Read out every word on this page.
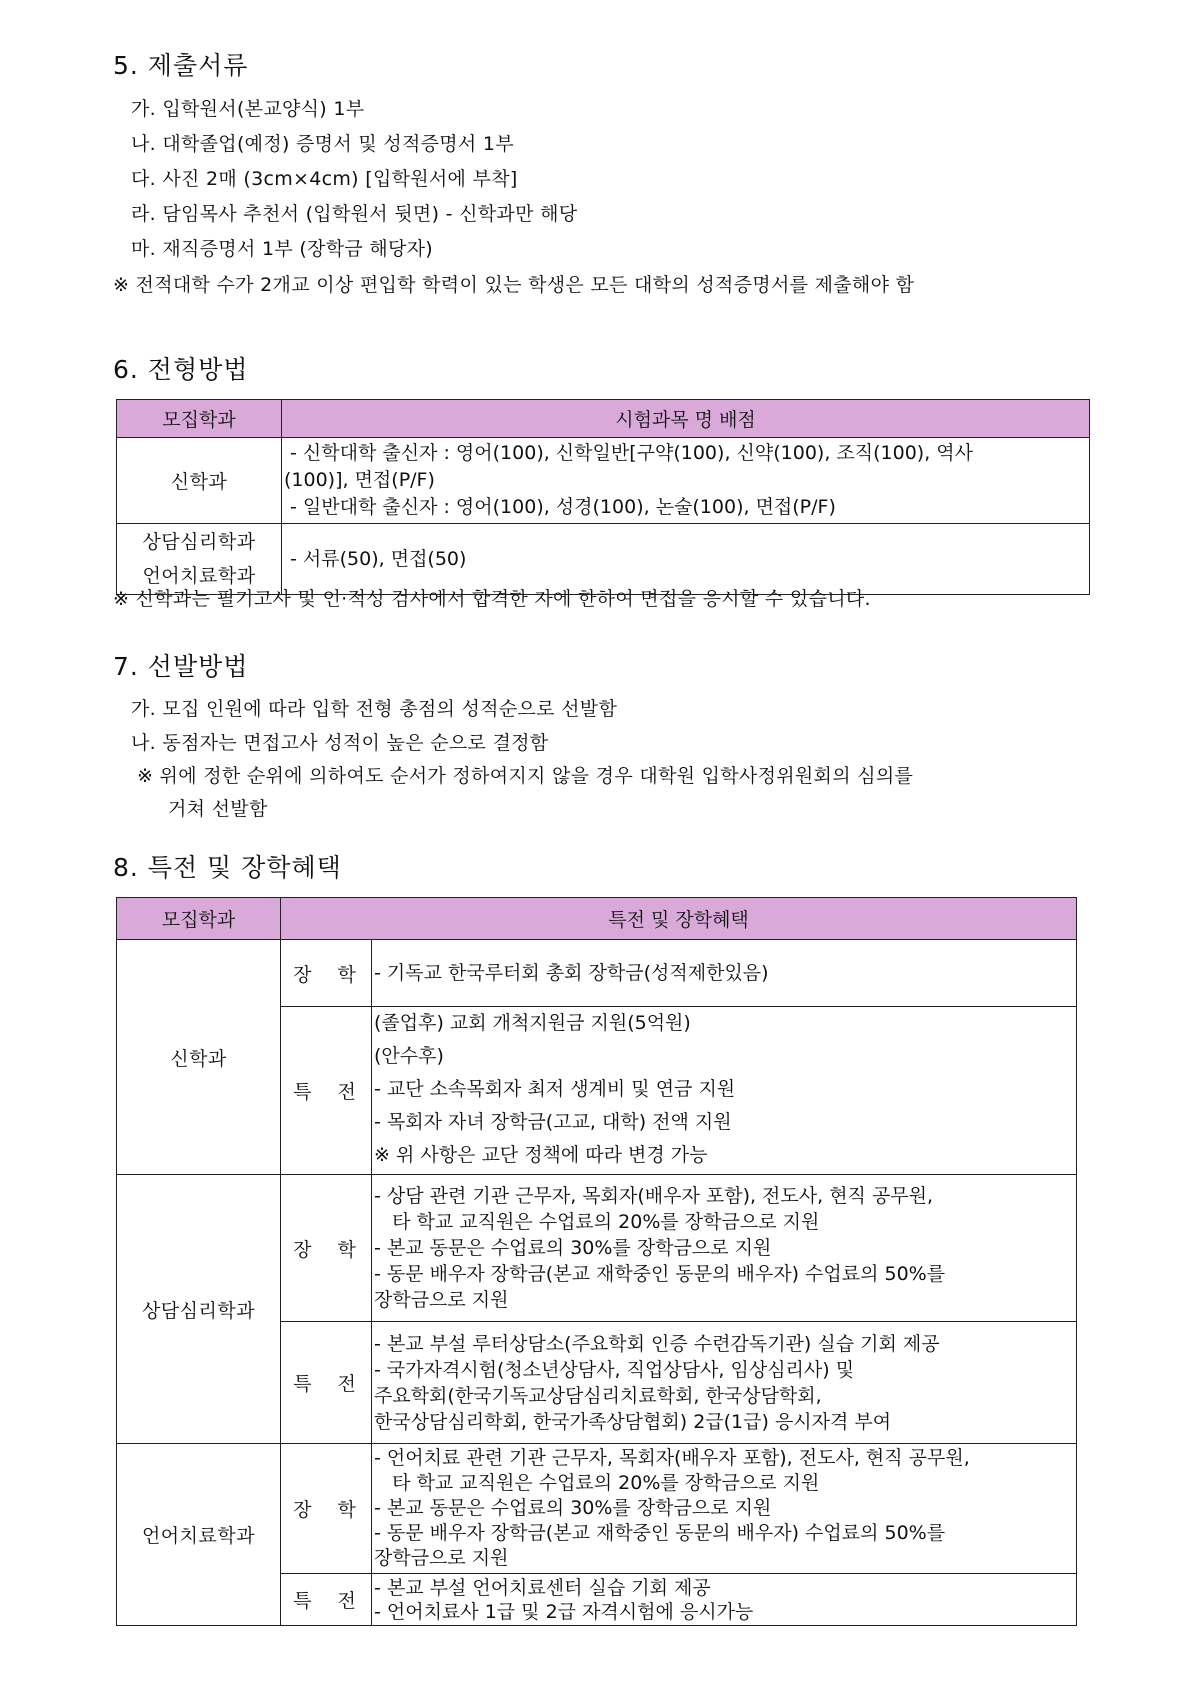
5. 제출서류

가. 입학원서(본교양식) 1부

나. 대학졸업(예정) 증명서 및 성적증명서 1부

다. 사진 2매 (3cm×4cm) [입학원서에 부착]

라. 담임목사 추천서 (입학원서 뒷면) - 신학과만 해당

마. 재직증명서 1부 (장학금 해당자)

※ 전적대학 수가 2개교 이상 편입학 학력이 있는 학생은 모든 대학의 성적증명서를 제출해야 함

6. 전형방법
모집학과	시험과목 명 배점
신학과	- 신학대학 출신자 : 영어(100), 신학일반[구약(100), 신약(100), 조직(100), 역사
(100)], 면접(P/F)
- 일반대학 출신자 : 영어(100), 성경(100), 논술(100), 면접(P/F)

상담심리학과
언어치료학과	- 서류(50), 면접(50)

※ 신학과는 필기고사 및 인·적성 검사에서 합격한 자에 한하여 면접을 응시할 수 있습니다.

7. 선발방법

가. 모집 인원에 따라 입학 전형 총점의 성적순으로 선발함

나. 동점자는 면접고사 성적이 높은 순으로 결정함

※ 위에 정한 순위에 의하여도 순서가 정하여지지 않을 경우 대학원 입학사정위원회의 심의를

거쳐 선발함

8. 특전 및 장학혜택
모집학과	특전 및 장학혜택	
신학과	장 학	- 기독교 한국루터회 총회 장학금(성적제한있음)

	특 전	(졸업후) 교회 개척지원금 지원(5억원)
(안수후)
- 교단 소속목회자 최저 생계비 및 연금 지원
- 목회자 자녀 장학금(고교, 대학) 전액 지원
※ 위 사항은 교단 정책에 따라 변경 가능

상담심리학과	장 학	- 상담 관련 기관 근무자, 목회자(배우자 포함), 전도사, 현직 공무원,
타 학교 교직원은 수업료의 20%를 장학금으로 지원
- 본교 동문은 수업료의 30%를 장학금으로 지원
- 동문 배우자 장학금(본교 재학중인 동문의 배우자) 수업료의 50%를
장학금으로 지원

	특 전	- 본교 부설 루터상담소(주요학회 인증 수련감독기관) 실습 기회 제공
- 국가자격시험(청소년상담사, 직업상담사, 임상심리사) 및
주요학회(한국기독교상담심리치료학회, 한국상담학회,
한국상담심리학회, 한국가족상담협회) 2급(1급) 응시자격 부여

언어치료학과	장 학	- 언어치료 관련 기관 근무자, 목회자(배우자 포함), 전도사, 현직 공무원,
타 학교 교직원은 수업료의 20%를 장학금으로 지원
- 본교 동문은 수업료의 30%를 장학금으로 지원
- 동문 배우자 장학금(본교 재학중인 동문의 배우자) 수업료의 50%를
장학금으로 지원

	특 전	- 본교 부설 언어치료센터 실습 기회 제공
- 언어치료사 1급 및 2급 자격시험에 응시가능
